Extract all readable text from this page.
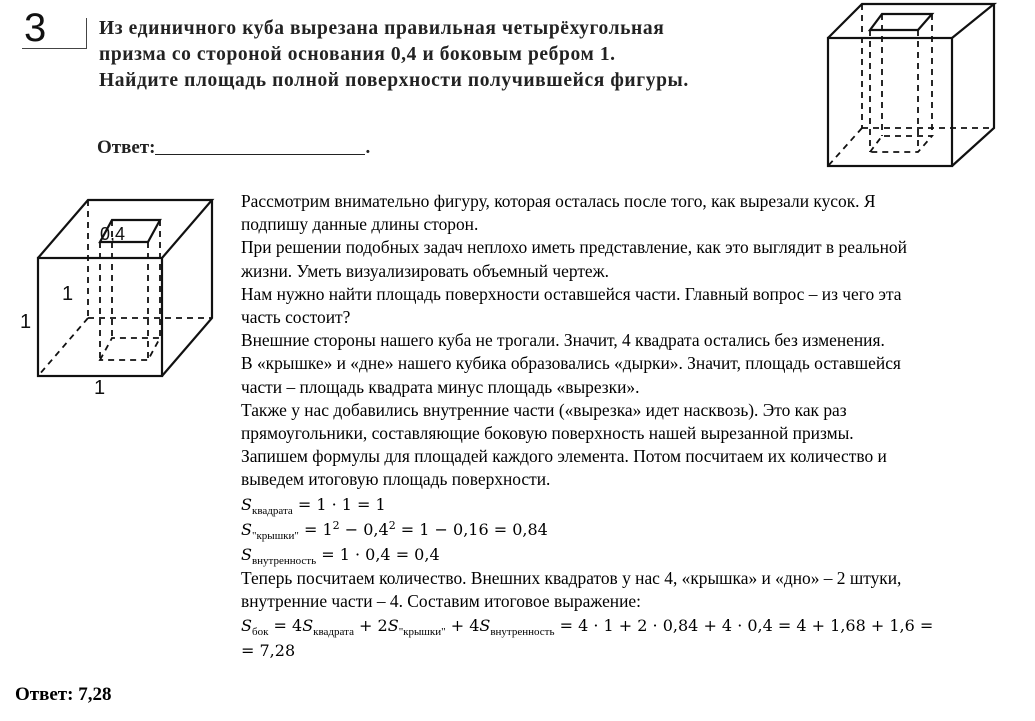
3	Из единичного куба вырезана правильная четырёхугольная
призма со стороной основания 0,4 и боковым ребром 1.
Найдите площадь полной поверхности получившейся фигуры.
Ответ:	.
0,4
1
1
1
Рассмотрим внимательно фигуру, которая осталась после того, как вырезали кусок. Я
подпишу данные длины сторон.
При решении подобных задач неплохо иметь представление, как это выглядит в реальной
жизни. Уметь визуализировать объемный чертеж.
Нам нужно найти площадь поверхности оставшейся части. Главный вопрос – из чего эта
часть состоит?
Внешние стороны нашего куба не трогали. Значит, 4 квадрата остались без изменения.
В «крышке» и «дне» нашего кубика образовались «дырки». Значит, площадь оставшейся
части – площадь квадрата минус площадь «вырезки».
Также у нас добавились внутренние части («вырезка» идет насквозь). Это как раз
прямоугольники, составляющие боковую поверхность нашей вырезанной призмы.
Запишем формулы для площадей каждого элемента. Потом посчитаем их количество и
выведем итоговую площадь поверхности.
$S_{квадрата} = 1 \cdot 1 = 1$
$S_{"крышки"} = 1^2 - 0,4^2 = 1 - 0,16 = 0,84$
$S_{внутренность} = 1 \cdot 0,4 = 0,4$
Теперь посчитаем количество. Внешних квадратов у нас 4, «крышка» и «дно» – 2 штуки,
внутренние части – 4. Составим итоговое выражение:
$S_{бок} = 4S_{квадрата} + 2S_{"крышки"} + 4S_{внутренность} = 4 \cdot 1 + 2 \cdot 0,84 + 4 \cdot 0,4 = 4 + 1,68 + 1,6$ =
= 7,28
Ответ: 7,28
